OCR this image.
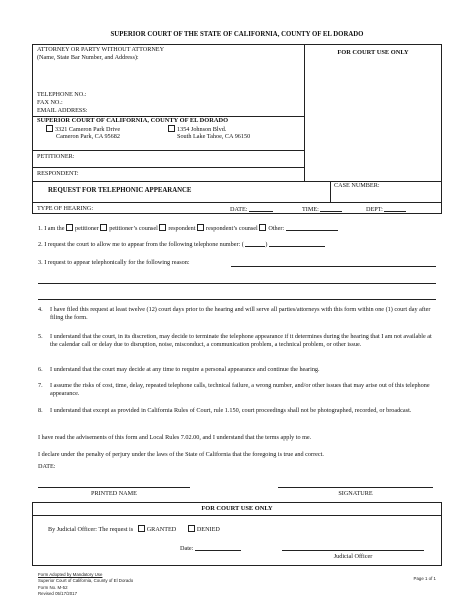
SUPERIOR COURT OF THE STATE OF CALIFORNIA, COUNTY OF EL DORADO
ATTORNEY OR PARTY WITHOUT ATTORNEY
(Name, State Bar Number, and Address):
TELEPHONE NO.:
FAX NO.:
EMAIL ADDRESS:
FOR COURT USE ONLY
SUPERIOR COURT OF CALIFORNIA, COUNTY OF EL DORADO
3321 Cameron Park Drive
Cameron Park, CA 95682
1354 Johnson Blvd.
South Lake Tahoe, CA 96150
PETITIONER:
RESPONDENT:
REQUEST FOR TELEPHONIC APPEARANCE
CASE NUMBER:
TYPE OF HEARING:	DATE:	TIME:	DEPT:
1. I am the petitioner petitioner’s counsel respondent respondent’s counsel Other:
2. I request the court to allow me to appear from the following telephone number: (	)
3. I request to appear telephonically for the following reason:
4. I have filed this request at least twelve (12) court days prior to the hearing and will serve all parties/attorneys with this form within one (1) court day after filing the form.
5. I understand that the court, in its discretion, may decide to terminate the telephone appearance if it determines during the hearing that I am not available at the calendar call or delay due to disruption, noise, misconduct, a communication problem, a technical problem, or other issue.
6. I understand that the court may decide at any time to require a personal appearance and continue the hearing.
7. I assume the risks of cost, time, delay, repeated telephone calls, technical failure, a wrong number, and/or other issues that may arise out of this telephone appearance.
8. I understand that except as provided in California Rules of Court, rule 1.150, court proceedings shall not be photographed, recorded, or broadcast.
I have read the advisements of this form and Local Rules 7.02.00, and I understand that the terms apply to me.
I declare under the penalty of perjury under the laws of the State of California that the foregoing is true and correct.
DATE:
PRINTED NAME	SIGNATURE
FOR COURT USE ONLY
By Judicial Officer: The request is GRANTED	DENIED
Date:
Judicial Officer
Form Adopted by Mandatory Use
Superior Court of California, County of El Dorado
Form No. M-52
Revised 05/17/2017
Page 1 of 1
